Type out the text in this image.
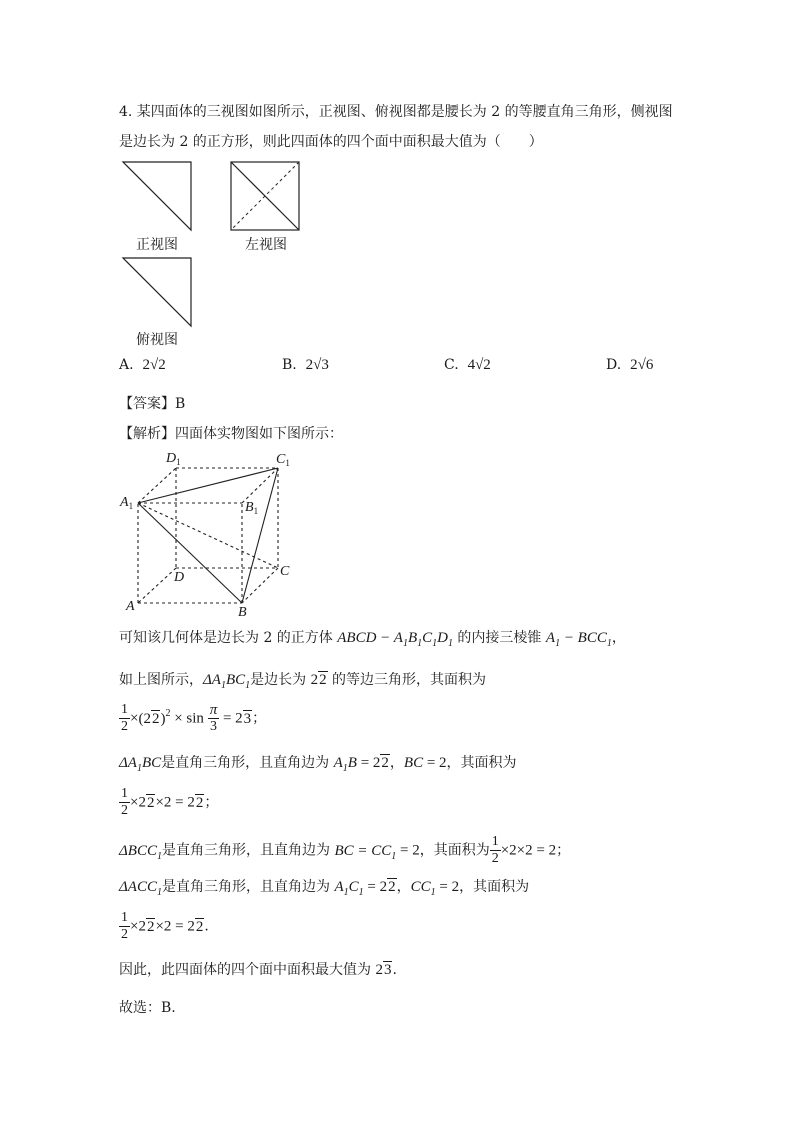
4. 某四面体的三视图如图所示，正视图、俯视图都是腰长为 2 的等腰直角三角形，侧视图
是边长为 2 的正方形，则此四面体的四个面中面积最大值为（　　）
正视图	左视图
俯视图
A. 2√2	B. 2√3	C. 4√2	D. 2√6
【答案】B
【解析】四面体实物图如下图所示：
$D_1$	$C_1$
$A_1$	$B_1$
D	C
A	B
可知该几何体是边长为 2 的正方体 ABCD − $A_1B_1C_1D_1$ 的内接三棱锥 $A_1 - BCC_1$，
如上图所示，$\Delta A_1BC_1$是边长为 22 的等边三角形，其面积为
$\frac{1}{2} \times(22)^2 \times \sin \frac{\pi}{3} = 23$；
$\Delta A_1BC$是直角三角形，且直角边为 $A_1B = 22$，BC = 2，其面积为
$\frac{1}{2} \times 22\times 2 = 22$；
$\Delta BCC_1$是直角三角形，且直角边为 BC = $CC_1 = 2$，其面积为 $\frac{1}{2} \times 2\times 2 = 2$；
$\Delta ACC_1$是直角三角形，且直角边为 $A_1C_1 = 22$，$CC_1 = 2$，其面积为
$\frac{1}{2} \times 22\times 2 = 22$.
因此，此四面体的四个面中面积最大值为 23.
故选：B.
